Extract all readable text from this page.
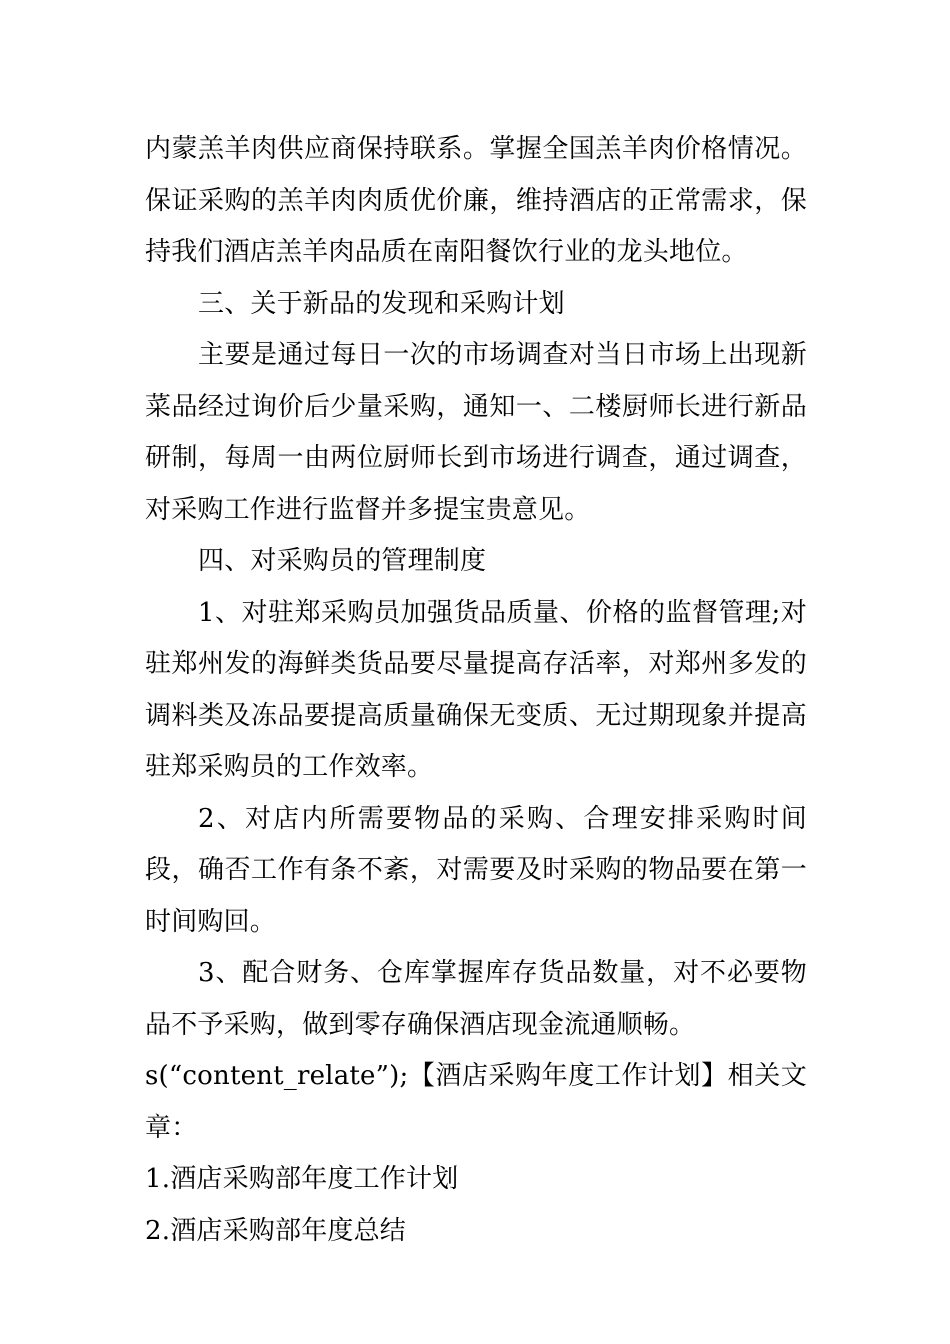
内蒙羔羊肉供应商保持联系。掌握全国羔羊肉价格情况。保证采购的羔羊肉肉质优价廉，维持酒店的正常需求，保持我们酒店羔羊肉品质在南阳餐饮行业的龙头地位。

三、关于新品的发现和采购计划

主要是通过每日一次的市场调查对当日市场上出现新菜品经过询价后少量采购，通知一、二楼厨师长进行新品研制，每周一由两位厨师长到市场进行调查，通过调查，对采购工作进行监督并多提宝贵意见。

四、对采购员的管理制度

1、对驻郑采购员加强货品质量、价格的监督管理;对驻郑州发的海鲜类货品要尽量提高存活率，对郑州多发的调料类及冻品要提高质量确保无变质、无过期现象并提高驻郑采购员的工作效率。

2、对店内所需要物品的采购、合理安排采购时间段，确否工作有条不紊，对需要及时采购的物品要在第一时间购回。

3、配合财务、仓库掌握库存货品数量，对不必要物品不予采购，做到零存确保酒店现金流通顺畅。

s(“content_relate”);【酒店采购年度工作计划】相关文章：

1.酒店采购部年度工作计划

2.酒店采购部年度总结
